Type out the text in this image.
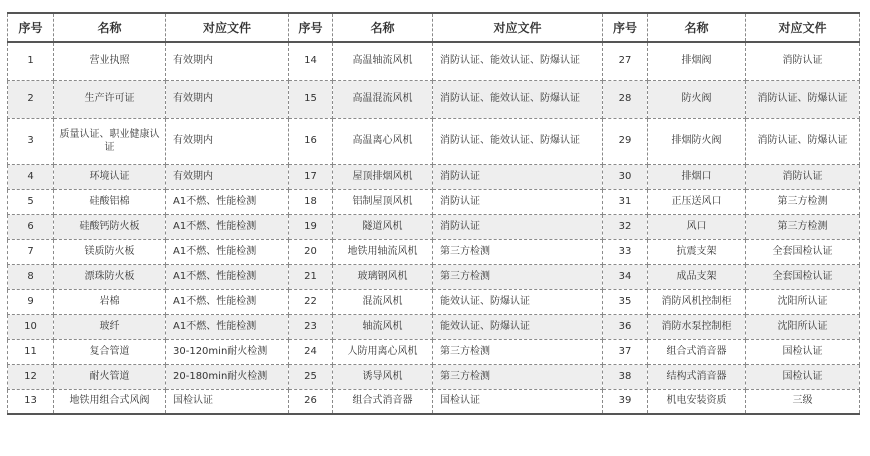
序号	名称	对应文件	序号	名称	对应文件	序号	名称	对应文件
1	营业执照	有效期内	14	高温轴流风机	消防认证、能效认证、防爆认证	27	排烟阀	消防认证
2	生产许可证	有效期内	15	高温混流风机	消防认证、能效认证、防爆认证	28	防火阀	消防认证、防爆认证
3	质量认证、职业健康认证	有效期内	16	高温离心风机	消防认证、能效认证、防爆认证	29	排烟防火阀	消防认证、防爆认证
4	环境认证	有效期内	17	屋顶排烟风机	消防认证	30	排烟口	消防认证
5	硅酸铝棉	A1不燃、性能检测	18	铝制屋顶风机	消防认证	31	正压送风口	第三方检测
6	硅酸钙防火板	A1不燃、性能检测	19	隧道风机	消防认证	32	风口	第三方检测
7	镁质防火板	A1不燃、性能检测	20	地铁用轴流风机	第三方检测	33	抗震支架	全套国检认证
8	漂珠防火板	A1不燃、性能检测	21	玻璃钢风机	第三方检测	34	成品支架	全套国检认证
9	岩棉	A1不燃、性能检测	22	混流风机	能效认证、防爆认证	35	消防风机控制柜	沈阳所认证
10	玻纤	A1不燃、性能检测	23	轴流风机	能效认证、防爆认证	36	消防水泵控制柜	沈阳所认证
11	复合管道	30-120min耐火检测	24	人防用离心风机	第三方检测	37	组合式消音器	国检认证
12	耐火管道	20-180min耐火检测	25	诱导风机	第三方检测	38	结构式消音器	国检认证
13	地铁用组合式风阀	国检认证	26	组合式消音器	国检认证	39	机电安装资质	三级
